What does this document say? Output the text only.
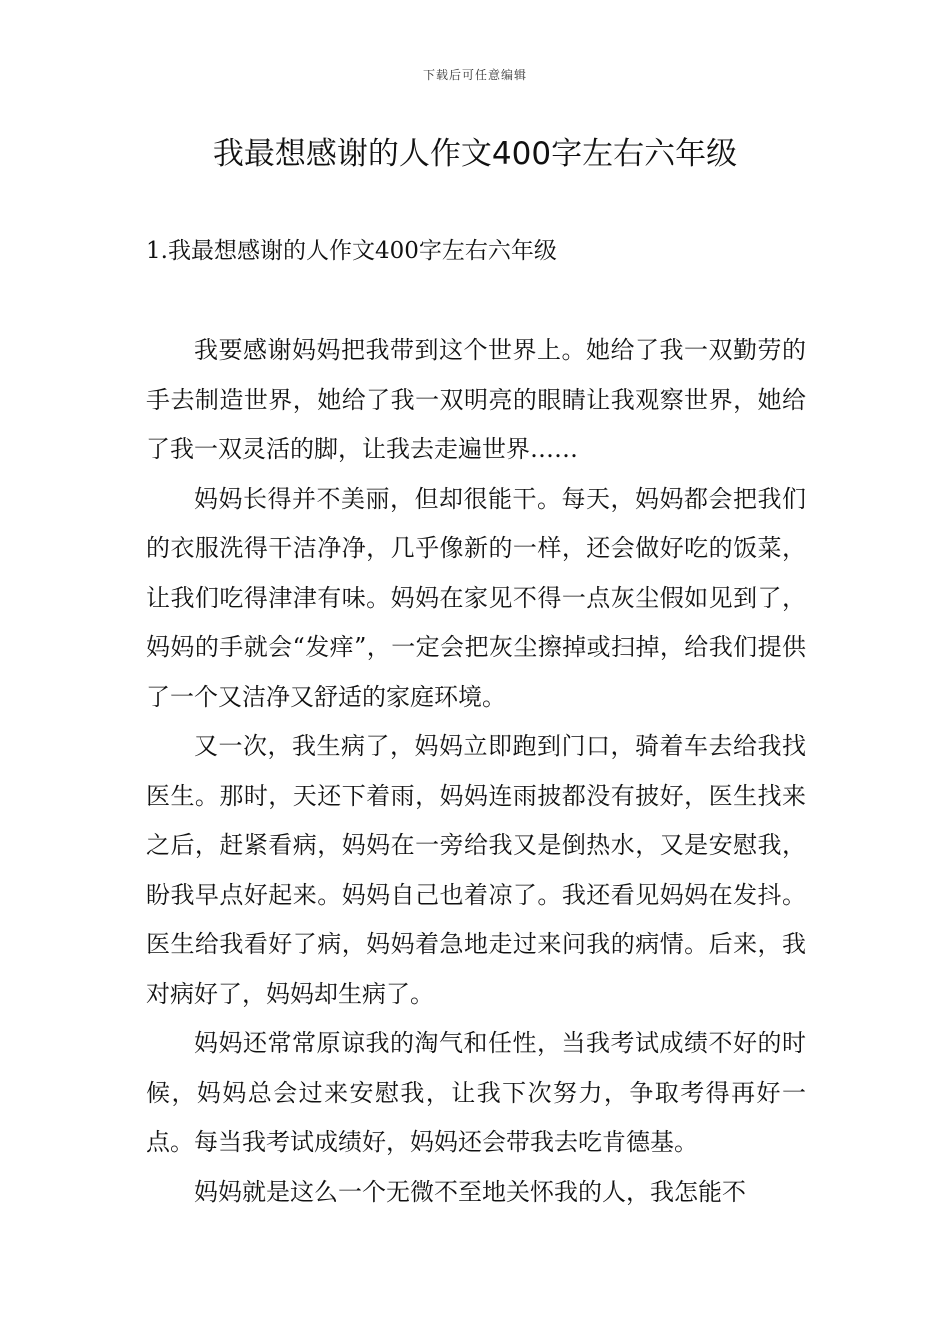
下载后可任意编辑
我最想感谢的人作文400字左右六年级
1.我最想感谢的人作文400字左右六年级

我要感谢妈妈把我带到这个世界上。她给了我一双勤劳的手去制造世界，她给了我一双明亮的眼睛让我观察世界，她给了我一双灵活的脚，让我去走遍世界……

妈妈长得并不美丽，但却很能干。每天，妈妈都会把我们的衣服洗得干洁净净，几乎像新的一样，还会做好吃的饭菜，让我们吃得津津有味。妈妈在家见不得一点灰尘假如见到了，妈妈的手就会“发痒”，一定会把灰尘擦掉或扫掉，给我们提供了一个又洁净又舒适的家庭环境。

又一次，我生病了，妈妈立即跑到门口，骑着车去给我找医生。那时，天还下着雨，妈妈连雨披都没有披好，医生找来之后，赶紧看病，妈妈在一旁给我又是倒热水，又是安慰我，盼我早点好起来。妈妈自己也着凉了。我还看见妈妈在发抖。医生给我看好了病，妈妈着急地走过来问我的病情。后来，我对病好了，妈妈却生病了。

妈妈还常常原谅我的淘气和任性，当我考试成绩不好的时候，妈妈总会过来安慰我，让我下次努力，争取考得再好一点。每当我考试成绩好，妈妈还会带我去吃肯德基。

妈妈就是这么一个无微不至地关怀我的人，我怎能不
